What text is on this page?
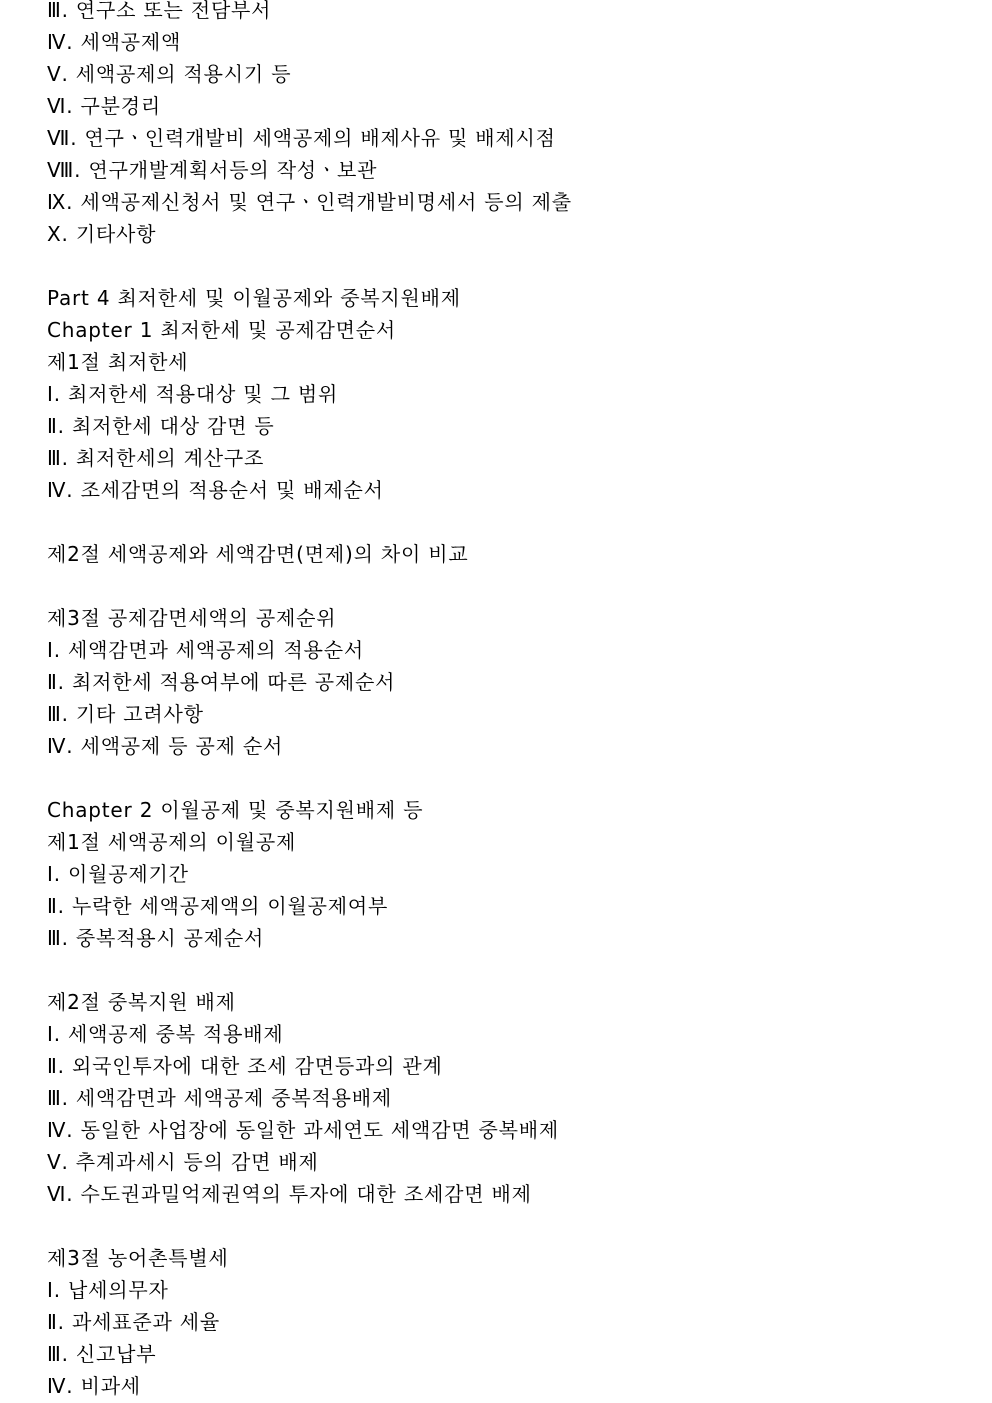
Ⅲ. 연구소 또는 전담부서
Ⅳ. 세액공제액
Ⅴ. 세액공제의 적용시기 등
Ⅵ. 구분경리
Ⅶ. 연구ㆍ인력개발비 세액공제의 배제사유 및 배제시점
Ⅷ. 연구개발계획서등의 작성ㆍ보관
Ⅸ. 세액공제신청서 및 연구ㆍ인력개발비명세서 등의 제출
Ⅹ. 기타사항
Part 4 최저한세 및 이월공제와 중복지원배제
Chapter 1 최저한세 및 공제감면순서
제1절 최저한세
Ⅰ. 최저한세 적용대상 및 그 범위
Ⅱ. 최저한세 대상 감면 등
Ⅲ. 최저한세의 계산구조
Ⅳ. 조세감면의 적용순서 및 배제순서
제2절 세액공제와 세액감면(면제)의 차이 비교
제3절 공제감면세액의 공제순위
Ⅰ. 세액감면과 세액공제의 적용순서
Ⅱ. 최저한세 적용여부에 따른 공제순서
Ⅲ. 기타 고려사항
Ⅳ. 세액공제 등 공제 순서
Chapter 2 이월공제 및 중복지원배제 등
제1절 세액공제의 이월공제
Ⅰ. 이월공제기간
Ⅱ. 누락한 세액공제액의 이월공제여부
Ⅲ. 중복적용시 공제순서
제2절 중복지원 배제
Ⅰ. 세액공제 중복 적용배제
Ⅱ. 외국인투자에 대한 조세 감면등과의 관계
Ⅲ. 세액감면과 세액공제 중복적용배제
Ⅳ. 동일한 사업장에 동일한 과세연도 세액감면 중복배제
Ⅴ. 추계과세시 등의 감면 배제
Ⅵ. 수도권과밀억제권역의 투자에 대한 조세감면 배제
제3절 농어촌특별세
Ⅰ. 납세의무자
Ⅱ. 과세표준과 세율
Ⅲ. 신고납부
Ⅳ. 비과세
